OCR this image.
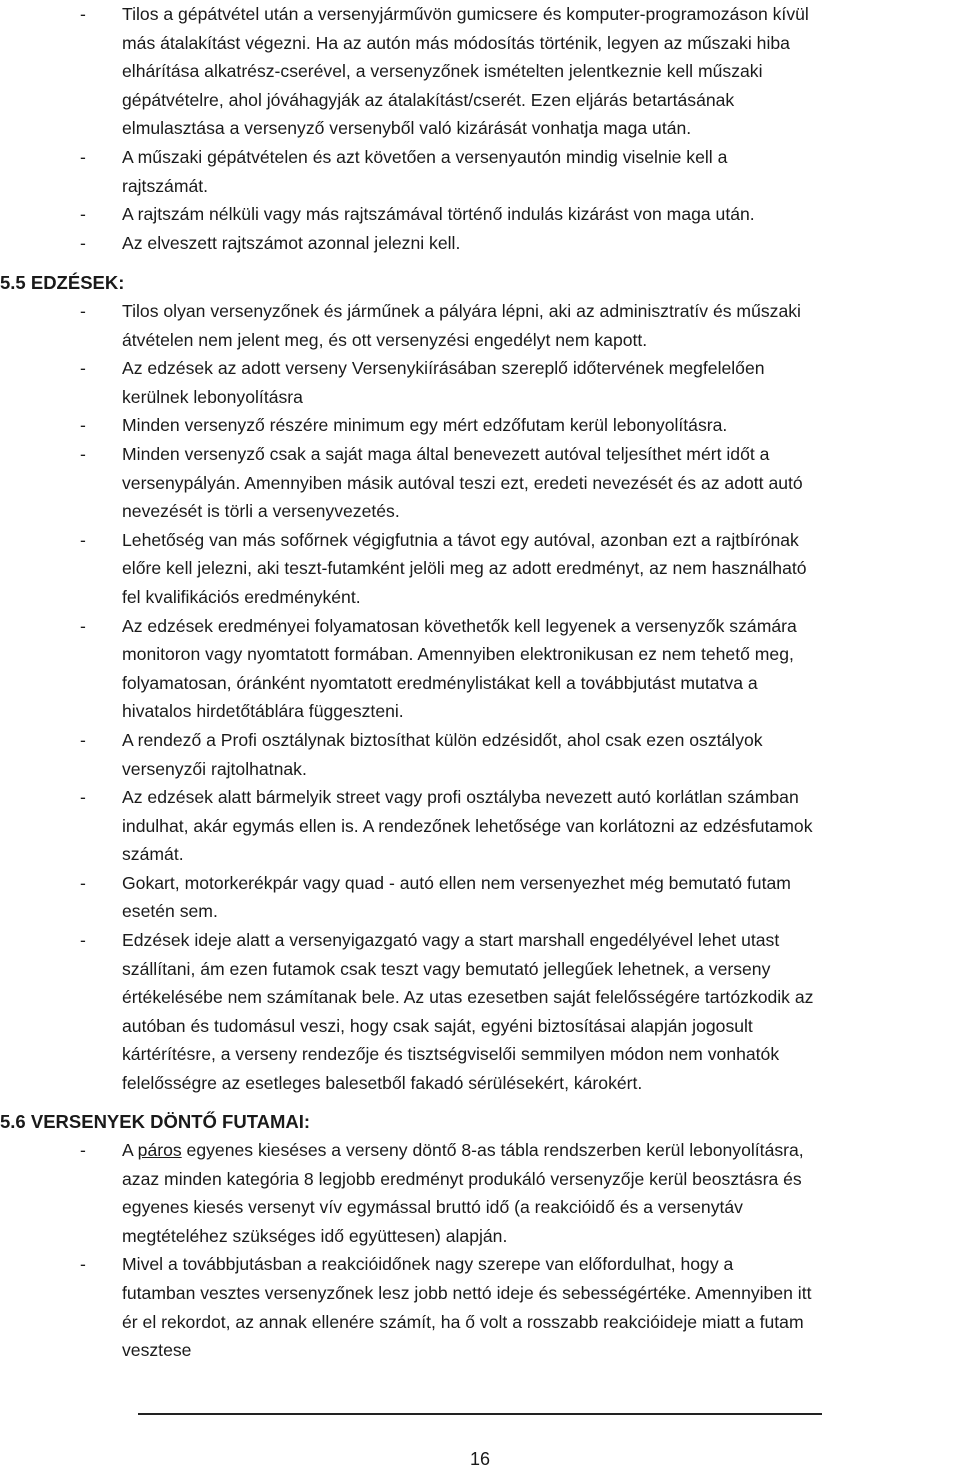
- Tilos a gépátvétel után a versenyjárművön gumicsere és komputer-programozáson kívül
más átalakítást végezni. Ha az autón más módosítás történik, legyen az műszaki hiba
elhárítása alkatrész-cserével, a versenyzőnek ismételten jelentkeznie kell műszaki
gépátvételre, ahol jóváhagyják az átalakítást/cserét. Ezen eljárás betartásának
elmulasztása a versenyző versenyből való kizárását vonhatja maga után.
- A műszaki gépátvételen és azt követően a versenyautón mindig viselnie kell a
rajtszámát.
- A rajtszám nélküli vagy más rajtszámával történő indulás kizárást von maga után.
- Az elveszett rajtszámot azonnal jelezni kell.
5.5 EDZÉSEK:
- Tilos olyan versenyzőnek és járműnek a pályára lépni, aki az adminisztratív és műszaki
átvételen nem jelent meg, és ott versenyzési engedélyt nem kapott.
- Az edzések az adott verseny Versenykiírásában szereplő időtervének megfelelően
kerülnek lebonyolításra
- Minden versenyző részére minimum egy mért edzőfutam kerül lebonyolításra.
- Minden versenyző csak a saját maga által benevezett autóval teljesíthet mért időt a
versenypályán. Amennyiben másik autóval teszi ezt, eredeti nevezését és az adott autó
nevezését is törli a versenyvezetés.
- Lehetőség van más sofőrnek végigfutnia a távot egy autóval, azonban ezt a rajtbírónak
előre kell jelezni, aki teszt-futamként jelöli meg az adott eredményt, az nem használható
fel kvalifikációs eredményként.
- Az edzések eredményei folyamatosan követhetők kell legyenek a versenyzők számára
monitoron vagy nyomtatott formában. Amennyiben elektronikusan ez nem tehető meg,
folyamatosan, óránként nyomtatott eredménylistákat kell a továbbjutást mutatva a
hivatalos hirdetőtáblára függeszteni.
- A rendező a Profi osztálynak biztosíthat külön edzésidőt, ahol csak ezen osztályok
versenyzői rajtolhatnak.
- Az edzések alatt bármelyik street vagy profi osztályba nevezett autó korlátlan számban
indulhat, akár egymás ellen is. A rendezőnek lehetősége van korlátozni az edzésfutamok
számát.
- Gokart, motorkerékpár vagy quad - autó ellen nem versenyezhet még bemutató futam
esetén sem.
- Edzések ideje alatt a versenyigazgató vagy a start marshall engedélyével lehet utast
szállítani, ám ezen futamok csak teszt vagy bemutató jellegűek lehetnek, a verseny
értékelésébe nem számítanak bele. Az utas ezesetben saját felelősségére tartózkodik az
autóban és tudomásul veszi, hogy csak saját, egyéni biztosításai alapján jogosult
kártérítésre, a verseny rendezője és tisztségviselői semmilyen módon nem vonhatók
felelősségre az esetleges balesetből fakadó sérülésekért, károkért.
5.6 VERSENYEK DÖNTŐ FUTAMAI:
- A páros egyenes kieséses a verseny döntő 8-as tábla rendszerben kerül lebonyolításra,
azaz minden kategória 8 legjobb eredményt produkáló versenyzője kerül beosztásra és
egyenes kiesés versenyt vív egymással bruttó idő (a reakcióidő és a versenytáv
megtételéhez szükséges idő együttesen) alapján.
- Mivel a továbbjutásban a reakcióidőnek nagy szerepe van előfordulhat, hogy a
futamban vesztes versenyzőnek lesz jobb nettó ideje és sebességértéke. Amennyiben itt
ér el rekordot, az annak ellenére számít, ha ő volt a rosszabb reakcióideje miatt a futam
vesztese
16
